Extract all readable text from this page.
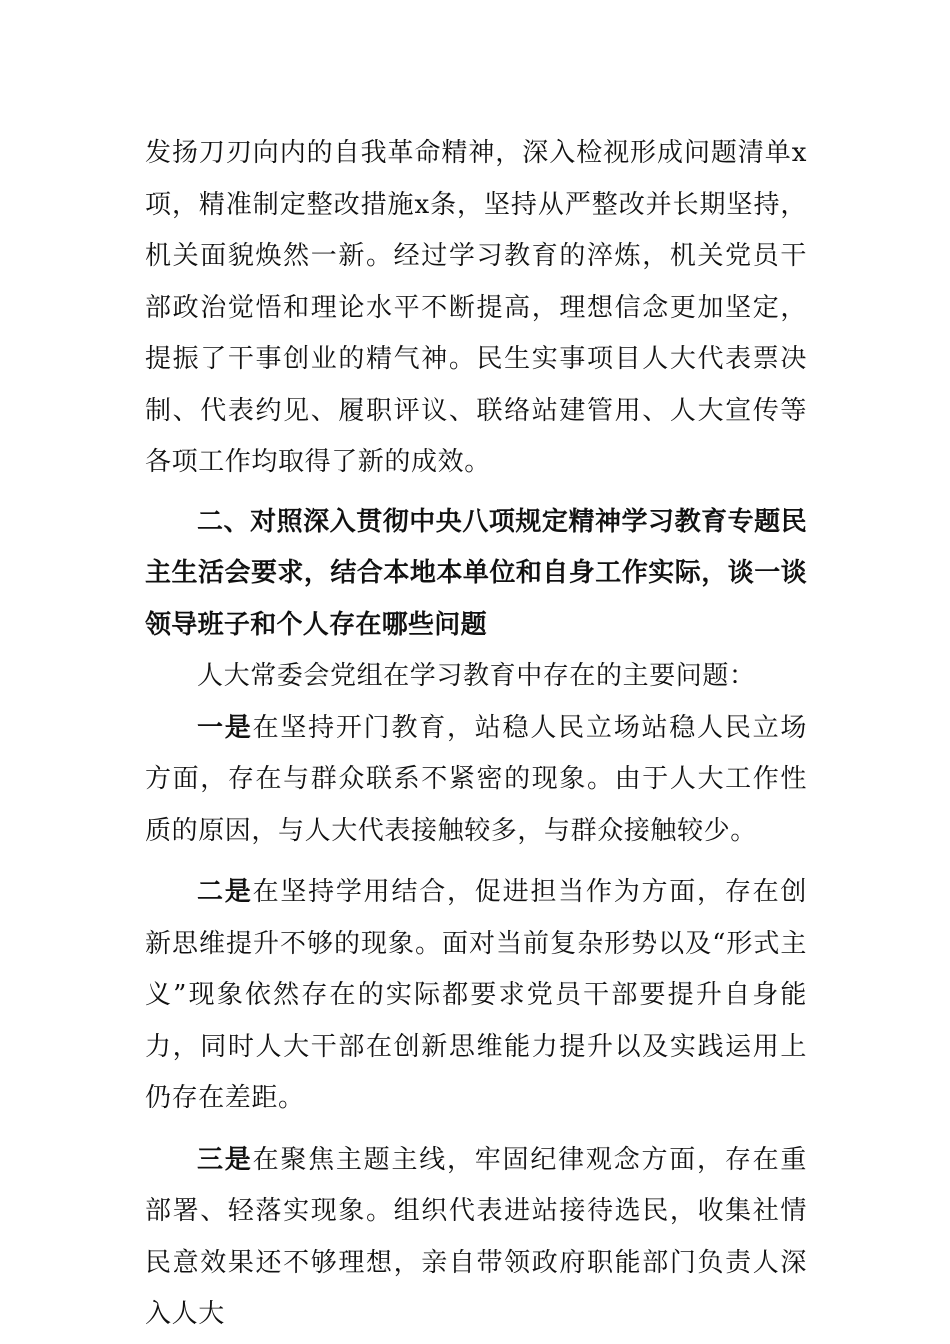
发扬刀刃向内的自我革命精神，深入检视形成问题清单x项，精准制定整改措施x条，坚持从严整改并长期坚持，机关面貌焕然一新。经过学习教育的淬炼，机关党员干部政治觉悟和理论水平不断提高，理想信念更加坚定，提振了干事创业的精气神。民生实事项目人大代表票决制、代表约见、履职评议、联络站建管用、人大宣传等各项工作均取得了新的成效。

二、对照深入贯彻中央八项规定精神学习教育专题民主生活会要求，结合本地本单位和自身工作实际，谈一谈领导班子和个人存在哪些问题

人大常委会党组在学习教育中存在的主要问题：

一是在坚持开门教育，站稳人民立场站稳人民立场方面，存在与群众联系不紧密的现象。由于人大工作性质的原因，与人大代表接触较多，与群众接触较少。

二是在坚持学用结合，促进担当作为方面，存在创新思维提升不够的现象。面对当前复杂形势以及“形式主义”现象依然存在的实际都要求党员干部要提升自身能力，同时人大干部在创新思维能力提升以及实践运用上仍存在差距。

三是在聚焦主题主线，牢固纪律观念方面，存在重部署、轻落实现象。组织代表进站接待选民，收集社情民意效果还不够理想，亲自带领政府职能部门负责人深入人大
